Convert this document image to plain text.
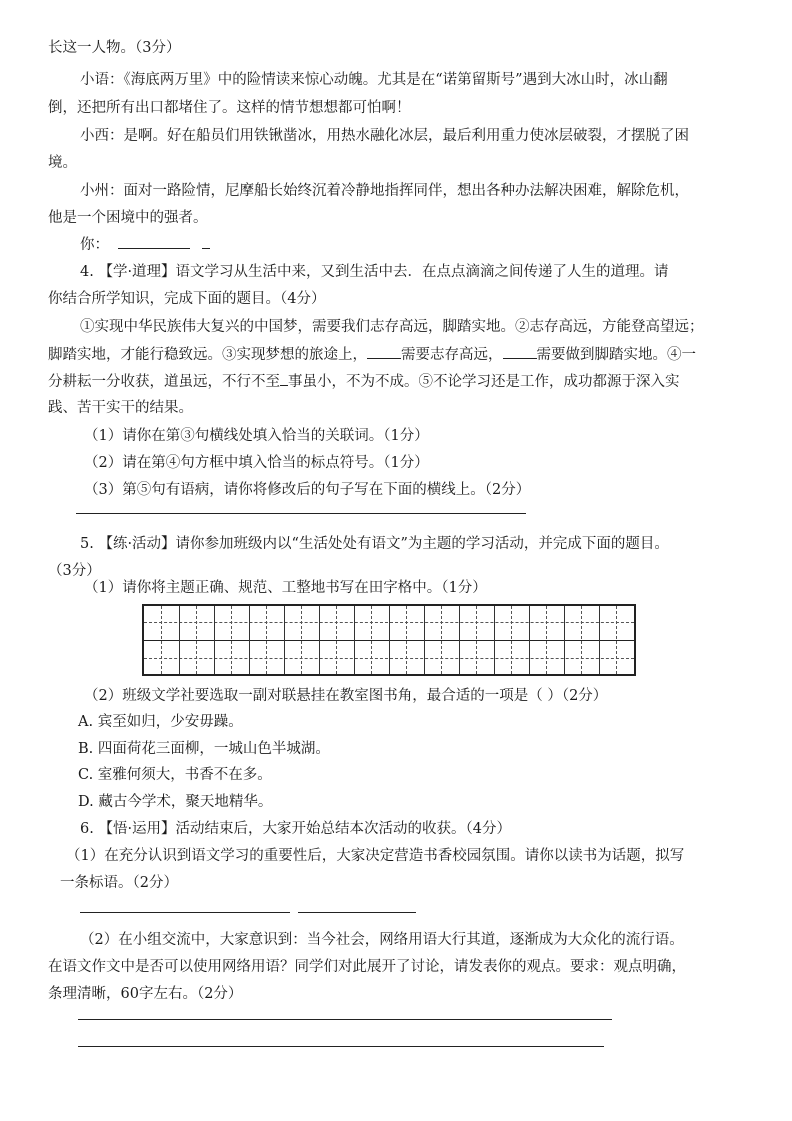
长这一人物。（3分）
小语：《海底两万里》中的险情读来惊心动魄。尤其是在“诺第留斯号”遇到大冰山时，冰山翻
倒，还把所有出口都堵住了。这样的情节想想都可怕啊！
小西：是啊。好在船员们用铁锹凿冰，用热水融化冰层，最后利用重力使冰层破裂，才摆脱了困
境。
小州：面对一路险情，尼摩船长始终沉着冷静地指挥同伴，想出各种办法解决困难，解除危机，
他是一个困境中的强者。
你：
4. 【学·道理】语文学习从生活中来，又到生活中去．在点点滴滴之间传递了人生的道理。请
你结合所学知识，完成下面的题目。（4分）
①实现中华民族伟大复兴的中国梦，需要我们志存高远，脚踏实地。②志存高远，方能登高望远；
脚踏实地，才能行稳致远。③实现梦想的旅途上， 需要志存高远， 需要做到脚踏实地。④一
分耕耘一分收获，道虽远，不行不至 事虽小，不为不成。⑤不论学习还是工作，成功都源于深入实
践、苦干实干的结果。
（1）请你在第③句横线处填入恰当的关联词。（1分）
（2）请在第④句方框中填入恰当的标点符号。（1分）
（3）第⑤句有语病，请你将修改后的句子写在下面的横线上。（2分）
5. 【练·活动】请你参加班级内以“生活处处有语文”为主题的学习活动，并完成下面的题目。
（3分）
（1）请你将主题正确、规范、工整地书写在田字格中。（1分）
（2）班级文学社要选取一副对联悬挂在教室图书角，最合适的一项是（ ）（2分）
A. 宾至如归，少安毋躁。
B. 四面荷花三面柳，一城山色半城湖。
C. 室雅何须大，书香不在多。
D. 藏古今学术，聚天地精华。
6. 【悟·运用】活动结束后，大家开始总结本次活动的收获。（4分）
（1）在充分认识到语文学习的重要性后，大家决定营造书香校园氛围。请你以读书为话题，拟写
一条标语。（2分）
（2）在小组交流中，大家意识到：当今社会，网络用语大行其道，逐渐成为大众化的流行语。
在语文作文中是否可以使用网络用语？同学们对此展开了讨论，请发表你的观点。要求：观点明确，
条理清晰，60字左右。（2分）
